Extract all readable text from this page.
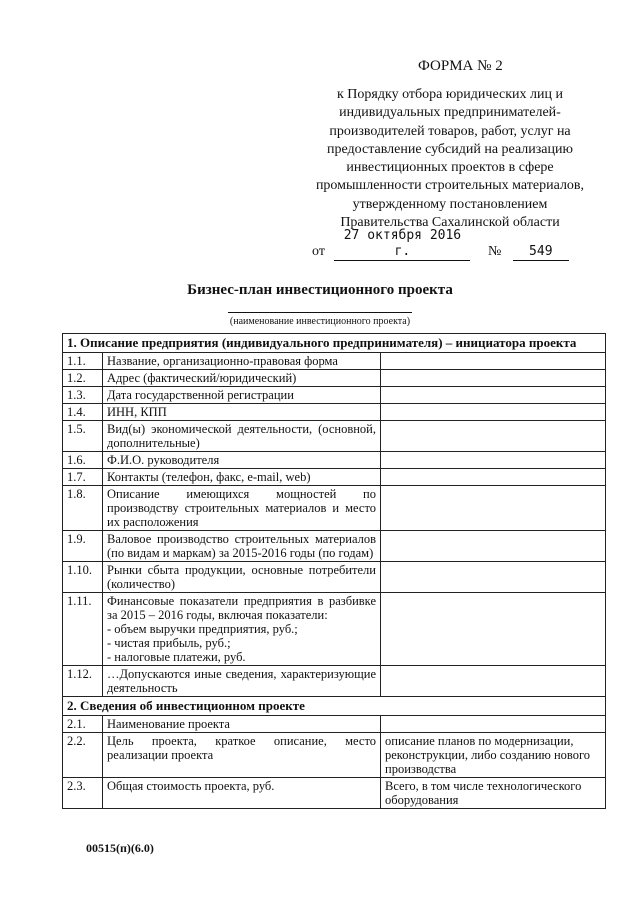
ФОРМА № 2
к Порядку отбора юридических лиц и
индивидуальных предпринимателей-
производителей товаров, работ, услуг на
предоставление субсидий на реализацию
инвестиционных проектов в сфере
промышленности строительных материалов,
утвержденному постановлением
Правительства Сахалинской области
от 27 октября 2016 г.	№ 549
Бизнес-план инвестиционного проекта
(наименование инвестиционного проекта)
1. Описание предприятия (индивидуального предпринимателя) – инициатора проекта		
1.1.	Название, организационно-правовая форма	
1.2.	Адрес (фактический/юридический)	
1.3.	Дата государственной регистрации	
1.4.	ИНН, КПП	
1.5.	Вид(ы) экономической деятельности, (основной, дополнительные)	
1.6.	Ф.И.О. руководителя	
1.7.	Контакты (телефон, факс, e-mail, web)	
1.8.	Описание имеющихся мощностей по производству строительных материалов и место их расположения	
1.9.	Валовое производство строительных материалов (по видам и маркам) за 2015-2016 годы (по годам)	
1.10.	Рынки сбыта продукции, основные потребители (количество)	
1.11.	Финансовые показатели предприятия в разбивке за 2015 – 2016 годы, включая показатели:
- объем выручки предприятия, руб.;
- чистая прибыль, руб.;
- налоговые платежи, руб.	
1.12.	…Допускаются иные сведения, характеризующие деятельность	
2. Сведения об инвестиционном проекте		
2.1.	Наименование проекта	
2.2.	Цель проекта, краткое описание, место реализации проекта	описание планов по модернизации, реконструкции, либо созданию нового производства
2.3.	Общая стоимость проекта, руб.	Всего, в том числе технологического оборудования
00515(п)(6.0)
